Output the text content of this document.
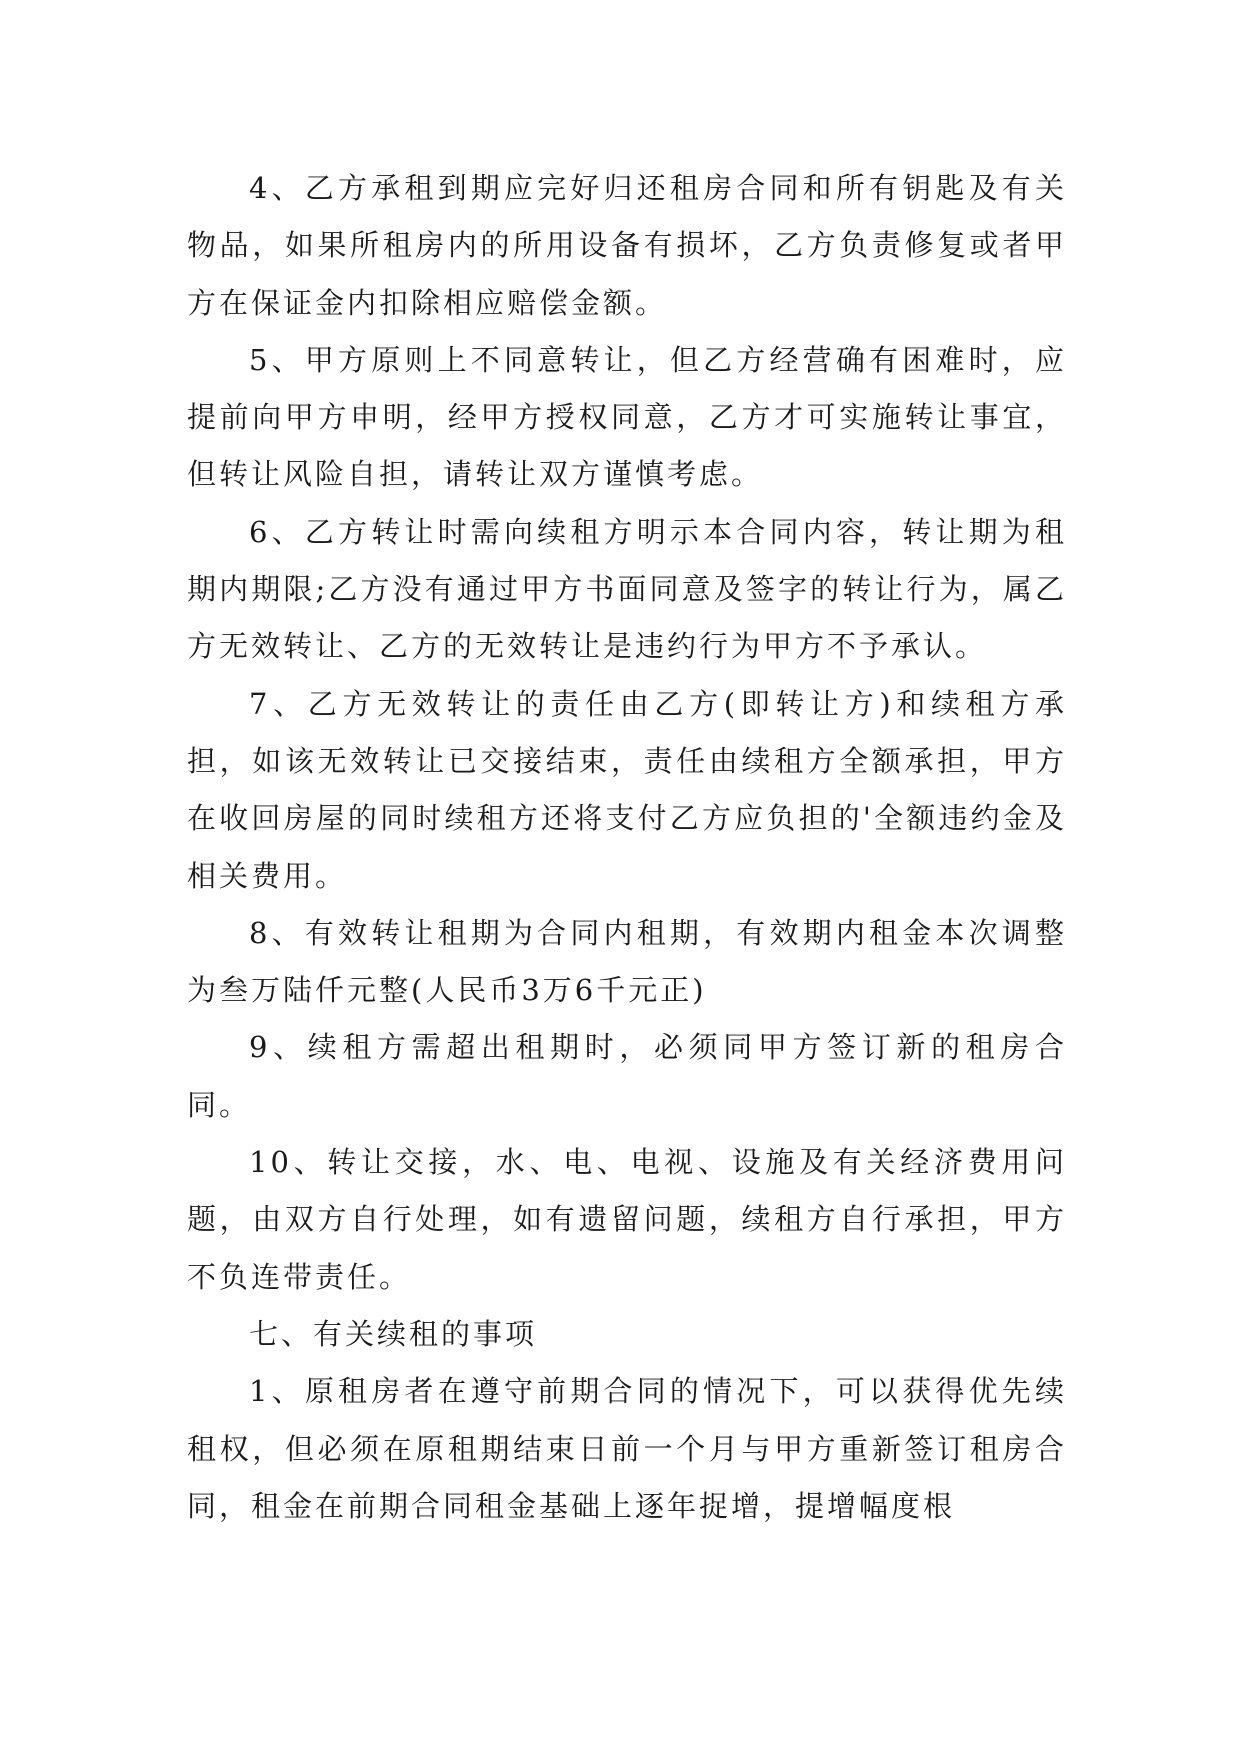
4、乙方承租到期应完好归还租房合同和所有钥匙及有关物品，如果所租房内的所用设备有损坏，乙方负责修复或者甲方在保证金内扣除相应赔偿金额。

5、甲方原则上不同意转让，但乙方经营确有困难时，应提前向甲方申明，经甲方授权同意，乙方才可实施转让事宜，但转让风险自担，请转让双方谨慎考虑。

6、乙方转让时需向续租方明示本合同内容，转让期为租期内期限;乙方没有通过甲方书面同意及签字的转让行为，属乙方无效转让、乙方的无效转让是违约行为甲方不予承认。

7、乙方无效转让的责任由乙方(即转让方)和续租方承担，如该无效转让已交接结束，责任由续租方全额承担，甲方在收回房屋的同时续租方还将支付乙方应负担的'全额违约金及相关费用。

8、有效转让租期为合同内租期，有效期内租金本次调整为叁万陆仟元整(人民币3万6千元正)

9、续租方需超出租期时，必须同甲方签订新的租房合同。

10、转让交接，水、电、电视、设施及有关经济费用问题，由双方自行处理，如有遗留问题，续租方自行承担，甲方不负连带责任。

七、有关续租的事项

1、原租房者在遵守前期合同的情况下，可以获得优先续租权，但必须在原租期结束日前一个月与甲方重新签订租房合同，租金在前期合同租金基础上逐年捉增，提增幅度根
